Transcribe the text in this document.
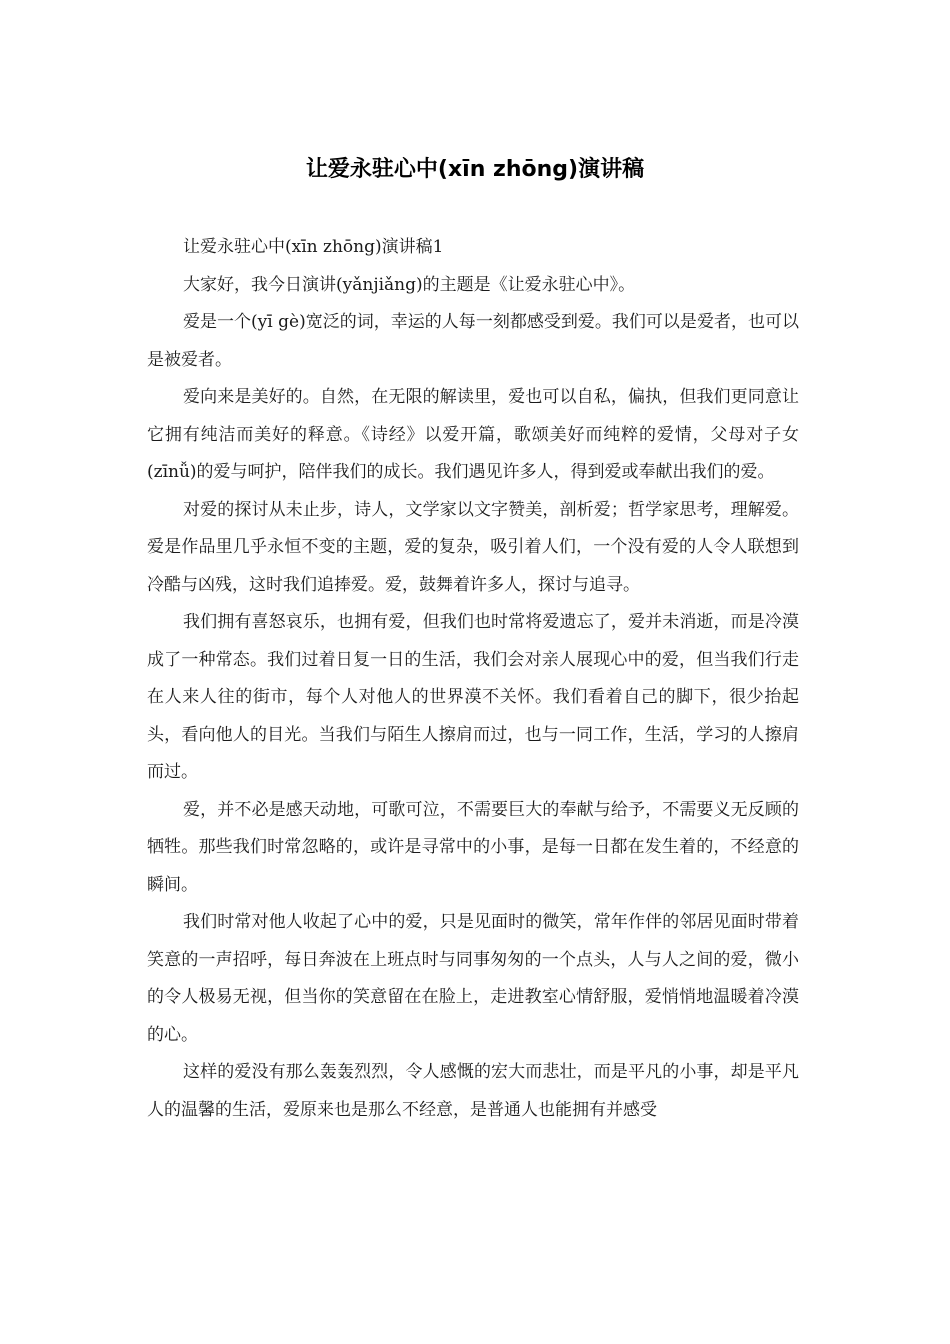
让爱永驻心中(xīn zhōng)演讲稿

让爱永驻心中(xīn zhōng)演讲稿1

大家好，我今日演讲(yǎnjiǎng)的主题是《让爱永驻心中》。

爱是一个(yī gè)宽泛的词，幸运的人每一刻都感受到爱。我们可以是爱者，也可以是被爱者。

爱向来是美好的。自然，在无限的解读里，爱也可以自私，偏执，但我们更同意让它拥有纯洁而美好的释意。《诗经》以爱开篇，歌颂美好而纯粹的爱情，父母对子女(zīnǚ)的爱与呵护，陪伴我们的成长。我们遇见许多人，得到爱或奉献出我们的爱。

对爱的探讨从未止步，诗人，文学家以文字赞美，剖析爱；哲学家思考，理解爱。爱是作品里几乎永恒不变的主题，爱的复杂，吸引着人们，一个没有爱的人令人联想到冷酷与凶残，这时我们追捧爱。爱，鼓舞着许多人，探讨与追寻。

我们拥有喜怒哀乐，也拥有爱，但我们也时常将爱遗忘了，爱并未消逝，而是冷漠成了一种常态。我们过着日复一日的生活，我们会对亲人展现心中的爱，但当我们行走在人来人往的街市，每个人对他人的世界漠不关怀。我们看着自己的脚下，很少抬起头，看向他人的目光。当我们与陌生人擦肩而过，也与一同工作，生活，学习的人擦肩而过。

爱，并不必是感天动地，可歌可泣，不需要巨大的奉献与给予，不需要义无反顾的牺牲。那些我们时常忽略的，或许是寻常中的小事，是每一日都在发生着的，不经意的瞬间。

我们时常对他人收起了心中的爱，只是见面时的微笑，常年作伴的邻居见面时带着笑意的一声招呼，每日奔波在上班点时与同事匆匆的一个点头，人与人之间的爱，微小的令人极易无视，但当你的笑意留在在脸上，走进教室心情舒服，爱悄悄地温暖着冷漠的心。

这样的爱没有那么轰轰烈烈，令人感慨的宏大而悲壮，而是平凡的小事，却是平凡人的温馨的生活，爱原来也是那么不经意，是普通人也能拥有并感受
